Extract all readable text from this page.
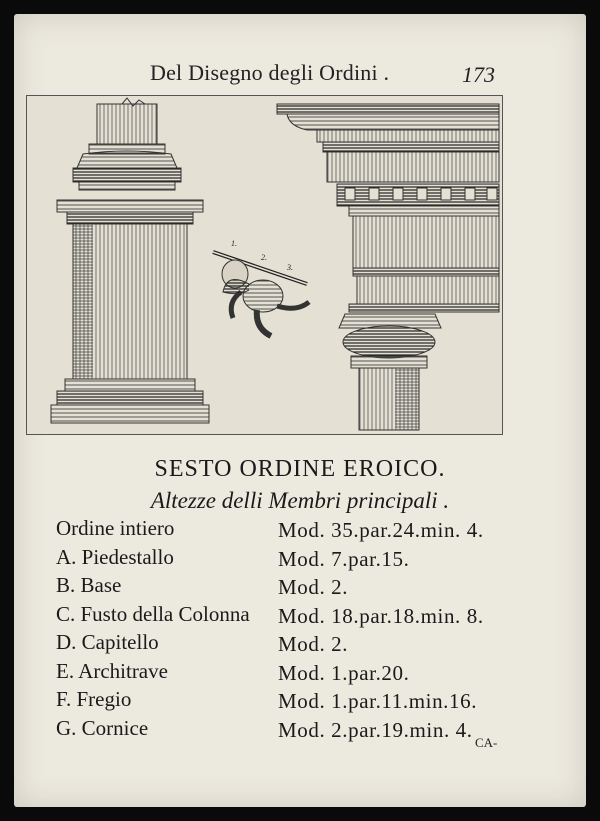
Del Disegno degli Ordini .	173
1.
2.
3.
SESTO ORDINE EROICO.
Altezze delli Membri principali .
Ordine intiero	Mod. 35.par.24.min. 4.
A. Piedestallo	Mod. 7.par.15.
B. Base	Mod. 2.
C. Fusto della Colonna Mod. 18.par.18.min. 8.
D. Capitello	Mod. 2.
E. Architrave	Mod. 1.par.20.
F. Fregio	Mod. 1.par.11.min.16.
G. Cornice	Mod. 2.par.19.min. 4.
CA-
